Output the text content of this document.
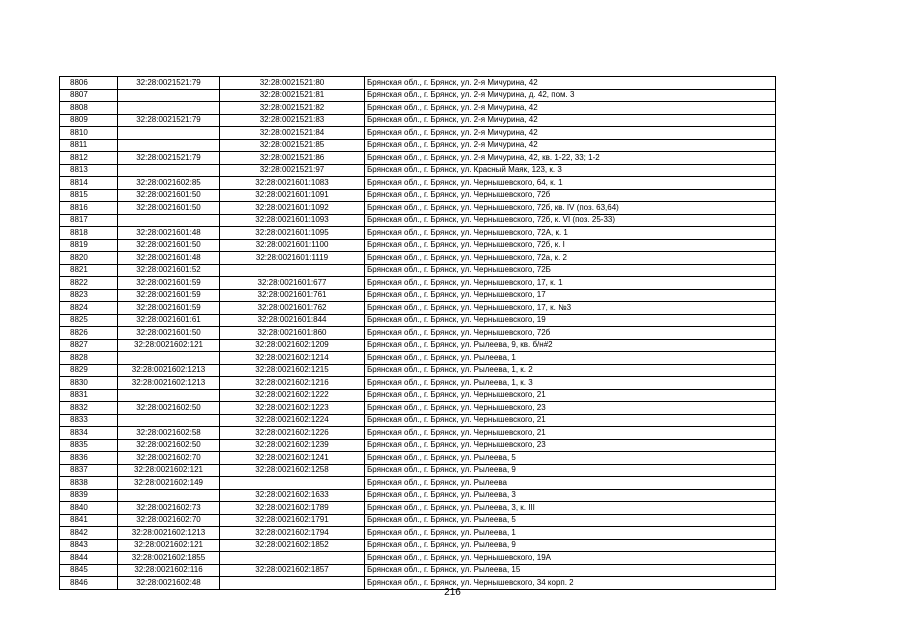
8806	32:28:0021521:79	32:28:0021521:80	Брянская обл., г. Брянск, ул. 2-я Мичурина, 42
8807		32:28:0021521:81	Брянская обл., г. Брянск, ул. 2-я Мичурина, д. 42, пом. 3
8808		32:28:0021521:82	Брянская обл., г. Брянск, ул. 2-я Мичурина, 42
8809	32:28:0021521:79	32:28:0021521:83	Брянская обл., г. Брянск, ул. 2-я Мичурина, 42
8810		32:28:0021521:84	Брянская обл., г. Брянск, ул. 2-я Мичурина, 42
8811		32:28:0021521:85	Брянская обл., г. Брянск, ул. 2-я Мичурина, 42
8812	32:28:0021521:79	32:28:0021521:86	Брянская обл., г. Брянск, ул. 2-я Мичурина, 42, кв. 1-22, 33; 1-2
8813		32:28:0021521:97	Брянская обл., г. Брянск, ул. Красный Маяк, 123, к. 3
8814	32:28:0021602:85	32:28:0021601:1083	Брянская обл., г. Брянск, ул. Чернышевского, 64, к. 1
8815	32:28:0021601:50	32:28:0021601:1091	Брянская обл., г. Брянск, ул. Чернышевского, 72б
8816	32:28:0021601:50	32:28:0021601:1092	Брянская обл., г. Брянск, ул. Чернышевского, 72б, кв. IV (поз. 63,64)
8817		32:28:0021601:1093	Брянская обл., г. Брянск, ул. Чернышевского, 72б, к. VI (поз. 25-33)
8818	32:28:0021601:48	32:28:0021601:1095	Брянская обл., г. Брянск, ул. Чернышевского, 72А, к. 1
8819	32:28:0021601:50	32:28:0021601:1100	Брянская обл., г. Брянск, ул. Чернышевского, 72б, к. I
8820	32:28:0021601:48	32:28:0021601:1119	Брянская обл., г. Брянск, ул. Чернышевского, 72а, к. 2
8821	32:28:0021601:52		Брянская обл., г. Брянск, ул. Чернышевского, 72Б
8822	32:28:0021601:59	32:28:0021601:677	Брянская обл., г. Брянск, ул. Чернышевского, 17, к. 1
8823	32:28:0021601:59	32:28:0021601:761	Брянская обл., г. Брянск, ул. Чернышевского, 17
8824	32:28:0021601:59	32:28:0021601:762	Брянская обл., г. Брянск, ул. Чернышевского, 17, к. №3
8825	32:28:0021601:61	32:28:0021601:844	Брянская обл., г. Брянск, ул. Чернышевского, 19
8826	32:28:0021601:50	32:28:0021601:860	Брянская обл., г. Брянск, ул. Чернышевского, 72б
8827	32:28:0021602:121	32:28:0021602:1209	Брянская обл., г. Брянск, ул. Рылеева, 9, кв. б/н#2
8828		32:28:0021602:1214	Брянская обл., г. Брянск, ул. Рылеева, 1
8829	32:28:0021602:1213	32:28:0021602:1215	Брянская обл., г. Брянск, ул. Рылеева, 1, к. 2
8830	32:28:0021602:1213	32:28:0021602:1216	Брянская обл., г. Брянск, ул. Рылеева, 1, к. 3
8831		32:28:0021602:1222	Брянская обл., г. Брянск, ул. Чернышевского, 21
8832	32:28:0021602:50	32:28:0021602:1223	Брянская обл., г. Брянск, ул. Чернышевского, 23
8833		32:28:0021602:1224	Брянская обл., г. Брянск, ул. Чернышевского, 21
8834	32:28:0021602:58	32:28:0021602:1226	Брянская обл., г. Брянск, ул. Чернышевского, 21
8835	32:28:0021602:50	32:28:0021602:1239	Брянская обл., г. Брянск, ул. Чернышевского, 23
8836	32:28:0021602:70	32:28:0021602:1241	Брянская обл., г. Брянск, ул. Рылеева, 5
8837	32:28:0021602:121	32:28:0021602:1258	Брянская обл., г. Брянск, ул. Рылеева, 9
8838	32:28:0021602:149		Брянская обл., г. Брянск, ул. Рылеева
8839		32:28:0021602:1633	Брянская обл., г. Брянск, ул. Рылеева, 3
8840	32:28:0021602:73	32:28:0021602:1789	Брянская обл., г. Брянск, ул. Рылеева, 3, к. III
8841	32:28:0021602:70	32:28:0021602:1791	Брянская обл., г. Брянск, ул. Рылеева, 5
8842	32:28:0021602:1213	32:28:0021602:1794	Брянская обл., г. Брянск, ул. Рылеева, 1
8843	32:28:0021602:121	32:28:0021602:1852	Брянская обл., г. Брянск, ул. Рылеева, 9
8844	32:28:0021602:1855		Брянская обл., г. Брянск, ул. Чернышевского, 19А
8845	32:28:0021602:116	32:28:0021602:1857	Брянская обл., г. Брянск, ул. Рылеева, 15
8846	32:28:0021602:48		Брянская обл., г. Брянск, ул. Чернышевского, 34 корп. 2
216
